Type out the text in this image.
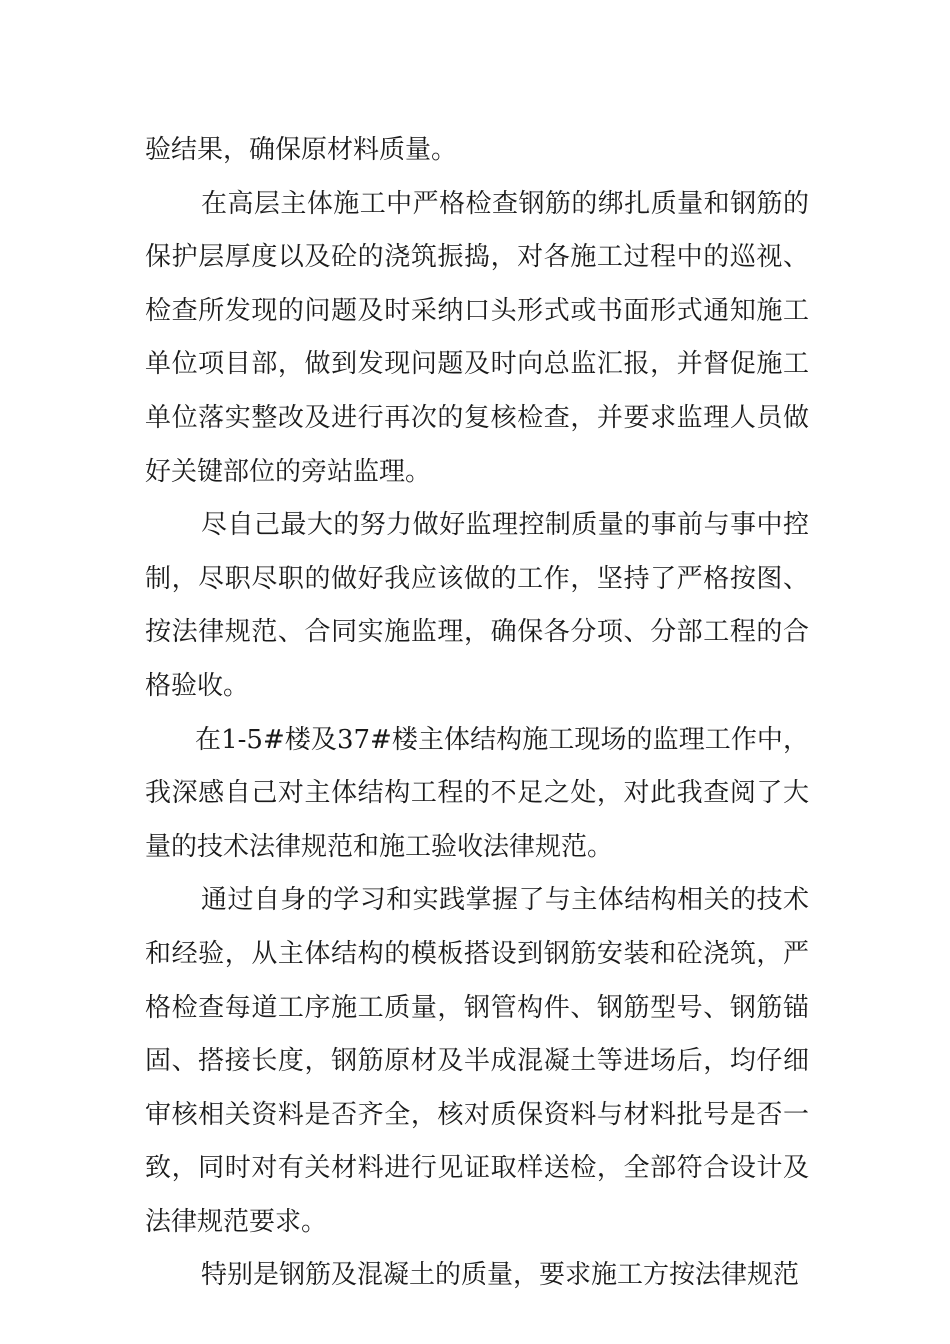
验结果，确保原材料质量。

在高层主体施工中严格检查钢筋的绑扎质量和钢筋的保护层厚度以及砼的浇筑振捣，对各施工过程中的巡视、检查所发现的问题及时采纳口头形式或书面形式通知施工单位项目部，做到发现问题及时向总监汇报，并督促施工单位落实整改及进行再次的复核检查，并要求监理人员做好关键部位的旁站监理。

尽自己最大的努力做好监理控制质量的事前与事中控制，尽职尽职的做好我应该做的工作，坚持了严格按图、按法律规范、合同实施监理，确保各分项、分部工程的合格验收。

在1-5#楼及37#楼主体结构施工现场的监理工作中，我深感自己对主体结构工程的不足之处，对此我查阅了大量的技术法律规范和施工验收法律规范。

通过自身的学习和实践掌握了与主体结构相关的技术和经验，从主体结构的模板搭设到钢筋安装和砼浇筑，严格检查每道工序施工质量，钢管构件、钢筋型号、钢筋锚固、搭接长度，钢筋原材及半成混凝土等进场后，均仔细审核相关资料是否齐全，核对质保资料与材料批号是否一致，同时对有关材料进行见证取样送检，全部符合设计及法律规范要求。

特别是钢筋及混凝土的质量，要求施工方按法律规范
